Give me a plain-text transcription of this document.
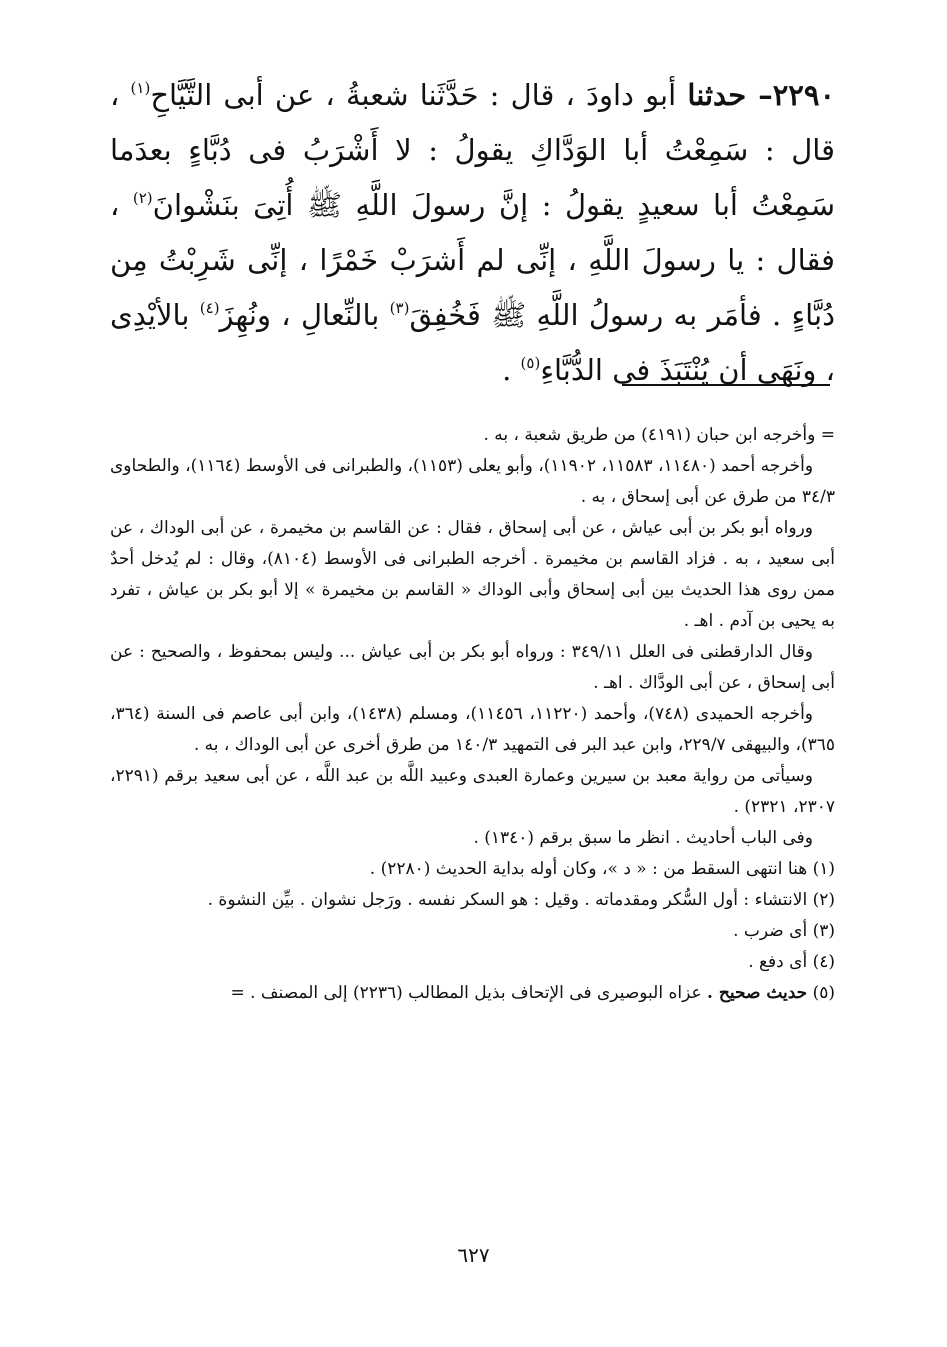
٢٢٩٠– حدثنا أبو داودَ ، قال : حَدَّثَنا شعبةُ ، عن أبى التَّيَّاحِ$^{(١)}$ ، قال : سَمِعْتُ أبا الوَدَّاكِ يقولُ : لا أَشْرَبُ فى دُبَّاءٍ بعدَما سَمِعْتُ أبا سعيدٍ يقولُ : إنَّ رسولَ اللَّهِ ﷺ أُتِىَ بنَشْوانَ$^{(٢)}$ ، فقال : يا رسولَ اللَّهِ ، إنِّى لم أَشرَبْ خَمْرًا ، إنِّى شَرِبْتُ مِن دُبَّاءٍ . فأمَر به رسولُ اللَّهِ ﷺ فَخُفِقَ$^{(٣)}$ بالنِّعالِ ، ونُهِزَ$^{(٤)}$ بالأيْدِى ، ونَهَى أن يُنْتَبَذَ فى الدُّبَّاءِ$^{(٥)}$ .

= وأخرجه ابن حبان (٤١٩١) من طريق شعبة ، به .

وأخرجه أحمد (١١٤٨٠، ١١٥٨٣، ١١٩٠٢)، وأبو يعلى (١١٥٣)، والطبرانى فى الأوسط (١١٦٤)، والطحاوى ٣٤/٣ من طرق عن أبى إسحاق ، به .

ورواه أبو بكر بن أبى عياش ، عن أبى إسحاق ، فقال : عن القاسم بن مخيمرة ، عن أبى الوداك ، عن أبى سعيد ، به . فزاد القاسم بن مخيمرة . أخرجه الطبرانى فى الأوسط (٨١٠٤)، وقال : لم يُدخل أحدٌ ممن روى هذا الحديث بين أبى إسحاق وأبى الوداك « القاسم بن مخيمرة » إلا أبو بكر بن عياش ، تفرد به يحيى بن آدم . اهـ .

وقال الدارقطنى فى العلل ٣٤٩/١١ : ورواه أبو بكر بن أبى عياش ... وليس بمحفوظ ، والصحيح : عن أبى إسحاق ، عن أبى الودَّاك . اهـ .

وأخرجه الحميدى (٧٤٨)، وأحمد (١١٢٢٠، ١١٤٥٦)، ومسلم (١٤٣٨)، وابن أبى عاصم فى السنة (٣٦٤، ٣٦٥)، والبيهقى ٢٢٩/٧، وابن عبد البر فى التمهيد ١٤٠/٣ من طرق أخرى عن أبى الوداك ، به .

وسيأتى من رواية معبد بن سيرين وعمارة العبدى وعبيد اللَّه بن عبد اللَّه ، عن أبى سعيد برقم (٢٢٩١، ٢٣٠٧، ٢٣٢١) .

وفى الباب أحاديث . انظر ما سبق برقم (١٣٤٠) .

(١) هنا انتهى السقط من : « د »، وكان أوله بداية الحديث (٢٢٨٠) .

(٢) الانتشاء : أول السُّكر ومقدماته . وقيل : هو السكر نفسه . ورَجل نشوان . بيِّن النشوة .

(٣) أى ضرب .

(٤) أى دفع .

(٥) حديث صحيح . عزاه البوصيرى فى الإتحاف بذيل المطالب (٢٢٣٦) إلى المصنف . =

٦٢٧
